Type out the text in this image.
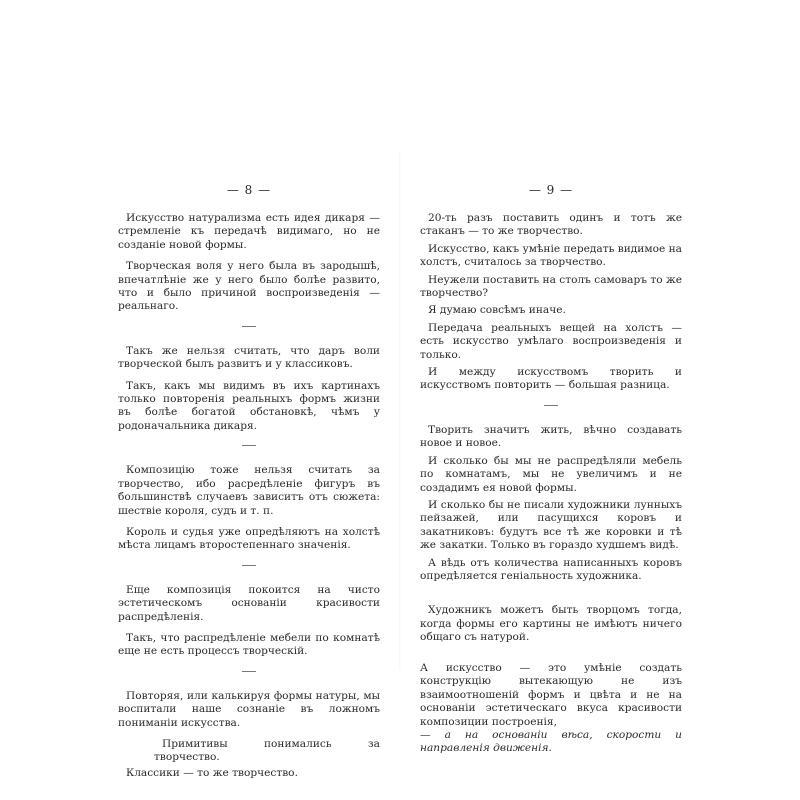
— 8 —

Искусство натурализма есть идея дикаря — стремленiе къ передачѣ видимаго, но не созданiе новой формы.

Творческая воля у него была въ зародышѣ, впечатлѣнiе же у него было болѣе развито, что и было причиной воспроизведенiя — реальнаго.

Такъ же нельзя считать, что даръ воли творческой былъ развитъ и у классиковъ.

Такъ, какъ мы видимъ въ ихъ картинахъ только повторенiя реальныхъ формъ жизни въ болѣе богатой обстановкѣ, чѣмъ у родоначальника дикаря.

Композицiю тоже нельзя считать за творчество, ибо расредѣленiе фигуръ въ большинствѣ случаевъ зависитъ отъ сюжета: шествiе короля, судъ и т. п.

Король и судья уже опредѣляютъ на холстѣ мѣста лицамъ второстепеннаго значенiя.

Еще композицiя покоится на чисто эстетическомъ основанiи красивости распредѣленiя.

Такъ, что распредѣленiе мебели по комнатѣ еще не есть процессъ творческiй.

Повторяя, или калькируя формы натуры, мы воспитали наше сознанiе въ ложномъ пониманiи искусства.

Примитивы понимались за творчество.

Классики — то же творчество.

— 9 —

20-ть разъ поставить одинъ и тотъ же стаканъ — то же творчество.

Искусство, какъ умѣнiе передать видимое на холстъ, считалось за творчество.

Неужели поставить на столъ самоваръ то же творчество?

Я думаю совсѣмъ иначе.

Передача реальныхъ вещей на холстъ — есть искусство умѣлаго воспроизведенiя и только.

И между искусствомъ творить и искусствомъ повторить — большая разница.

Творить значитъ жить, вѣчно создавать новое и новое.

И сколько бы мы не распредѣляли мебель по комнатамъ, мы не увеличимъ и не создадимъ ея новой формы.

И сколько бы не писали художники лунныхъ пейзажей, или пасущихся коровъ и закатниковъ: будутъ все тѣ же коровки и тѣ же закатки. Только въ гораздо худшемъ видѣ.

А вѣдь отъ количества написанныхъ коровъ опредѣляется генiальность художника.

Художникъ можетъ быть творцомъ тогда, когда формы его картины не имѣютъ ничего общаго съ натурой.

А искусство — это умѣнiе создать конструкцiю вытекающую не изъ взаимоотношенiй формъ и цвѣта и не на основанiи эстетическаго вкуса красивости композиции построенiя,
— а на основанiи вѣса, скорости и направленiя движенiя.
